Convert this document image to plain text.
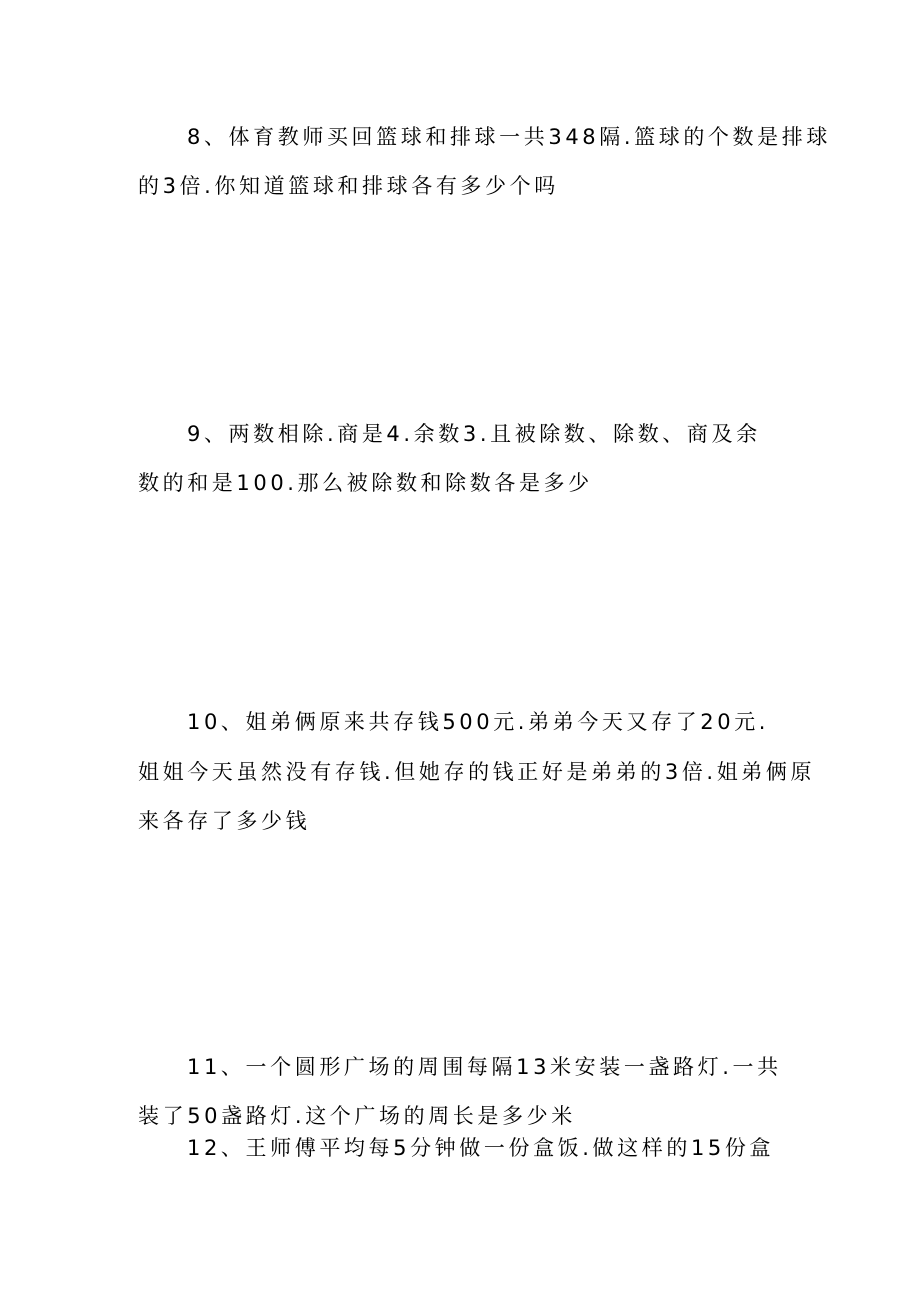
8、体育教师买回篮球和排球一共348隔.篮球的个数是排球
的3倍.你知道篮球和排球各有多少个吗
9、两数相除.商是4.余数3.且被除数、除数、商及余
数的和是100.那么被除数和除数各是多少
10、姐弟俩原来共存钱500元.弟弟今天又存了20元.
姐姐今天虽然没有存钱.但她存的钱正好是弟弟的3倍.姐弟俩原
来各存了多少钱
11、一个圆形广场的周围每隔13米安装一盏路灯.一共
装了50盏路灯.这个广场的周长是多少米
12、王师傅平均每5分钟做一份盒饭.做这样的15份盒
